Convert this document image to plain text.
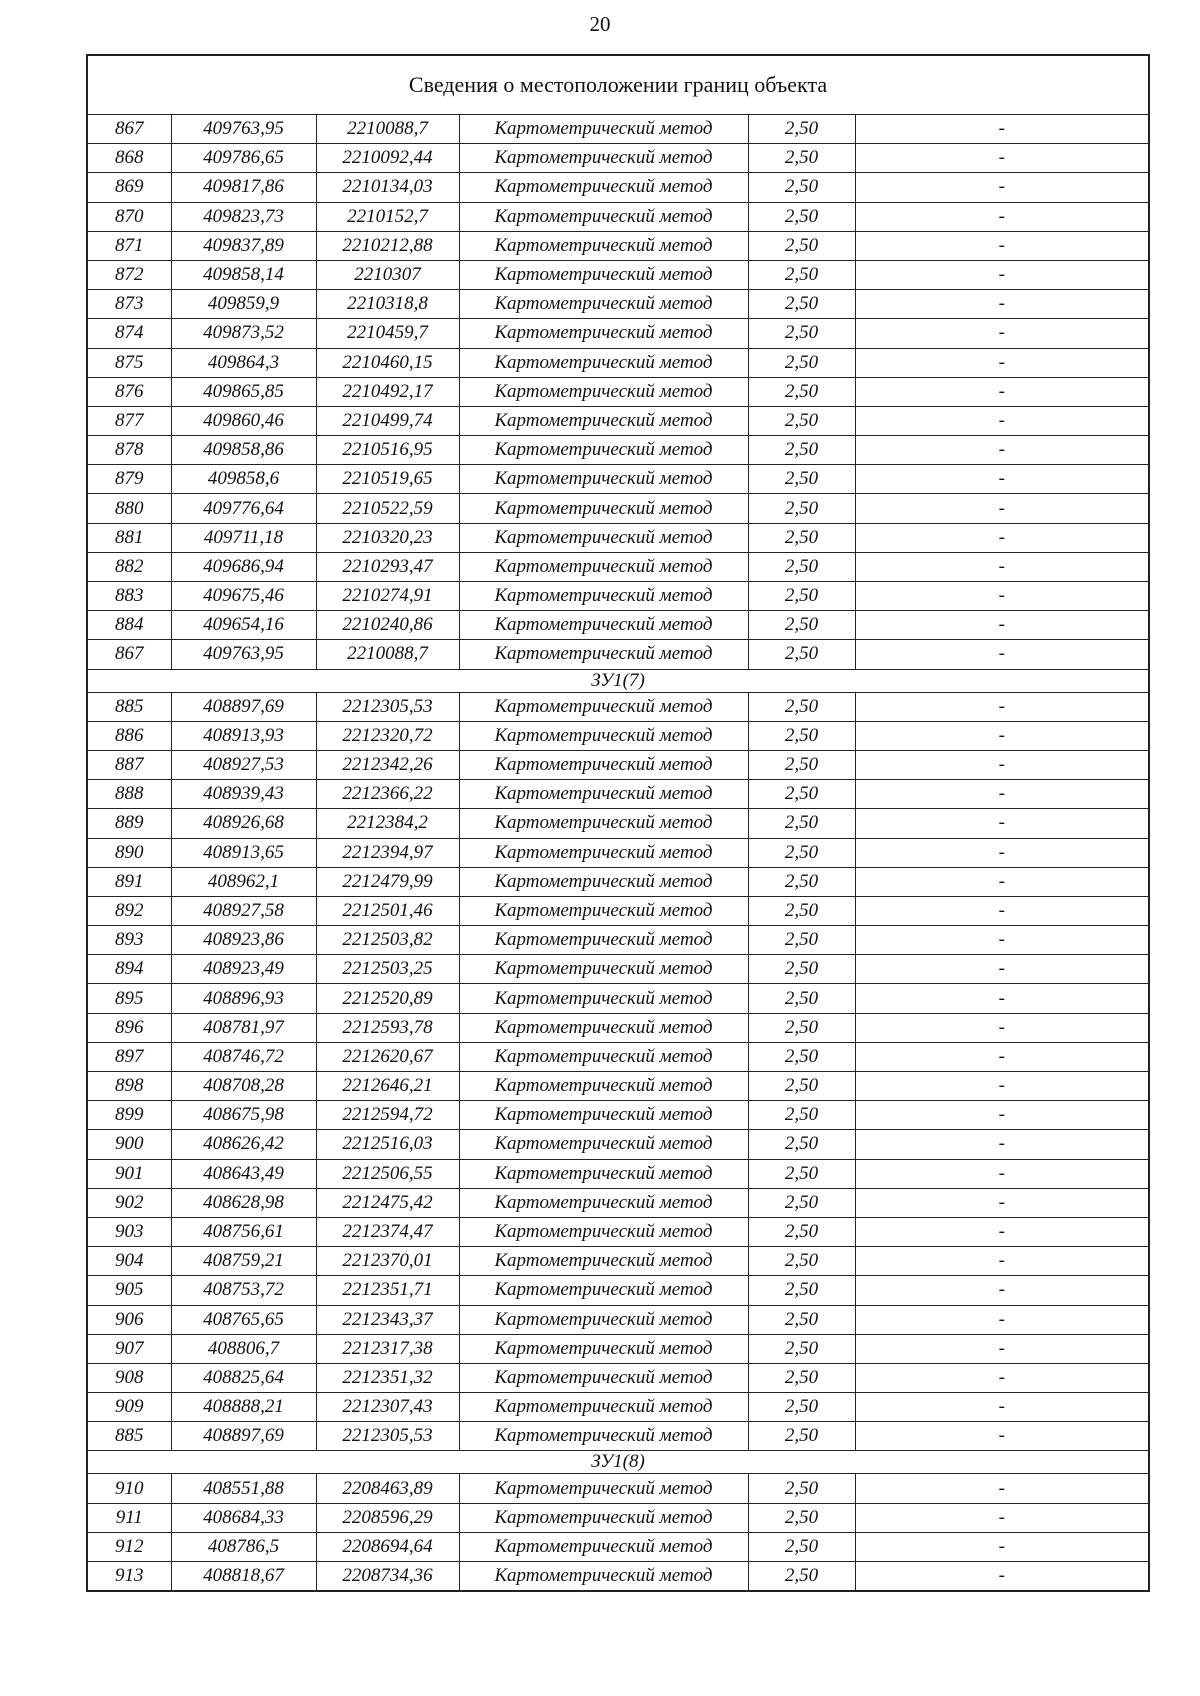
20
Сведения о местоположении границ объекта					
867	409763,95	2210088,7	Картометрический метод	2,50	-
868	409786,65	2210092,44	Картометрический метод	2,50	-
869	409817,86	2210134,03	Картометрический метод	2,50	-
870	409823,73	2210152,7	Картометрический метод	2,50	-
871	409837,89	2210212,88	Картометрический метод	2,50	-
872	409858,14	2210307	Картометрический метод	2,50	-
873	409859,9	2210318,8	Картометрический метод	2,50	-
874	409873,52	2210459,7	Картометрический метод	2,50	-
875	409864,3	2210460,15	Картометрический метод	2,50	-
876	409865,85	2210492,17	Картометрический метод	2,50	-
877	409860,46	2210499,74	Картометрический метод	2,50	-
878	409858,86	2210516,95	Картометрический метод	2,50	-
879	409858,6	2210519,65	Картометрический метод	2,50	-
880	409776,64	2210522,59	Картометрический метод	2,50	-
881	409711,18	2210320,23	Картометрический метод	2,50	-
882	409686,94	2210293,47	Картометрический метод	2,50	-
883	409675,46	2210274,91	Картометрический метод	2,50	-
884	409654,16	2210240,86	Картометрический метод	2,50	-
867	409763,95	2210088,7	Картометрический метод	2,50	-
ЗУ1(7)					
885	408897,69	2212305,53	Картометрический метод	2,50	-
886	408913,93	2212320,72	Картометрический метод	2,50	-
887	408927,53	2212342,26	Картометрический метод	2,50	-
888	408939,43	2212366,22	Картометрический метод	2,50	-
889	408926,68	2212384,2	Картометрический метод	2,50	-
890	408913,65	2212394,97	Картометрический метод	2,50	-
891	408962,1	2212479,99	Картометрический метод	2,50	-
892	408927,58	2212501,46	Картометрический метод	2,50	-
893	408923,86	2212503,82	Картометрический метод	2,50	-
894	408923,49	2212503,25	Картометрический метод	2,50	-
895	408896,93	2212520,89	Картометрический метод	2,50	-
896	408781,97	2212593,78	Картометрический метод	2,50	-
897	408746,72	2212620,67	Картометрический метод	2,50	-
898	408708,28	2212646,21	Картометрический метод	2,50	-
899	408675,98	2212594,72	Картометрический метод	2,50	-
900	408626,42	2212516,03	Картометрический метод	2,50	-
901	408643,49	2212506,55	Картометрический метод	2,50	-
902	408628,98	2212475,42	Картометрический метод	2,50	-
903	408756,61	2212374,47	Картометрический метод	2,50	-
904	408759,21	2212370,01	Картометрический метод	2,50	-
905	408753,72	2212351,71	Картометрический метод	2,50	-
906	408765,65	2212343,37	Картометрический метод	2,50	-
907	408806,7	2212317,38	Картометрический метод	2,50	-
908	408825,64	2212351,32	Картометрический метод	2,50	-
909	408888,21	2212307,43	Картометрический метод	2,50	-
885	408897,69	2212305,53	Картометрический метод	2,50	-
ЗУ1(8)					
910	408551,88	2208463,89	Картометрический метод	2,50	-
911	408684,33	2208596,29	Картометрический метод	2,50	-
912	408786,5	2208694,64	Картометрический метод	2,50	-
913	408818,67	2208734,36	Картометрический метод	2,50	-
